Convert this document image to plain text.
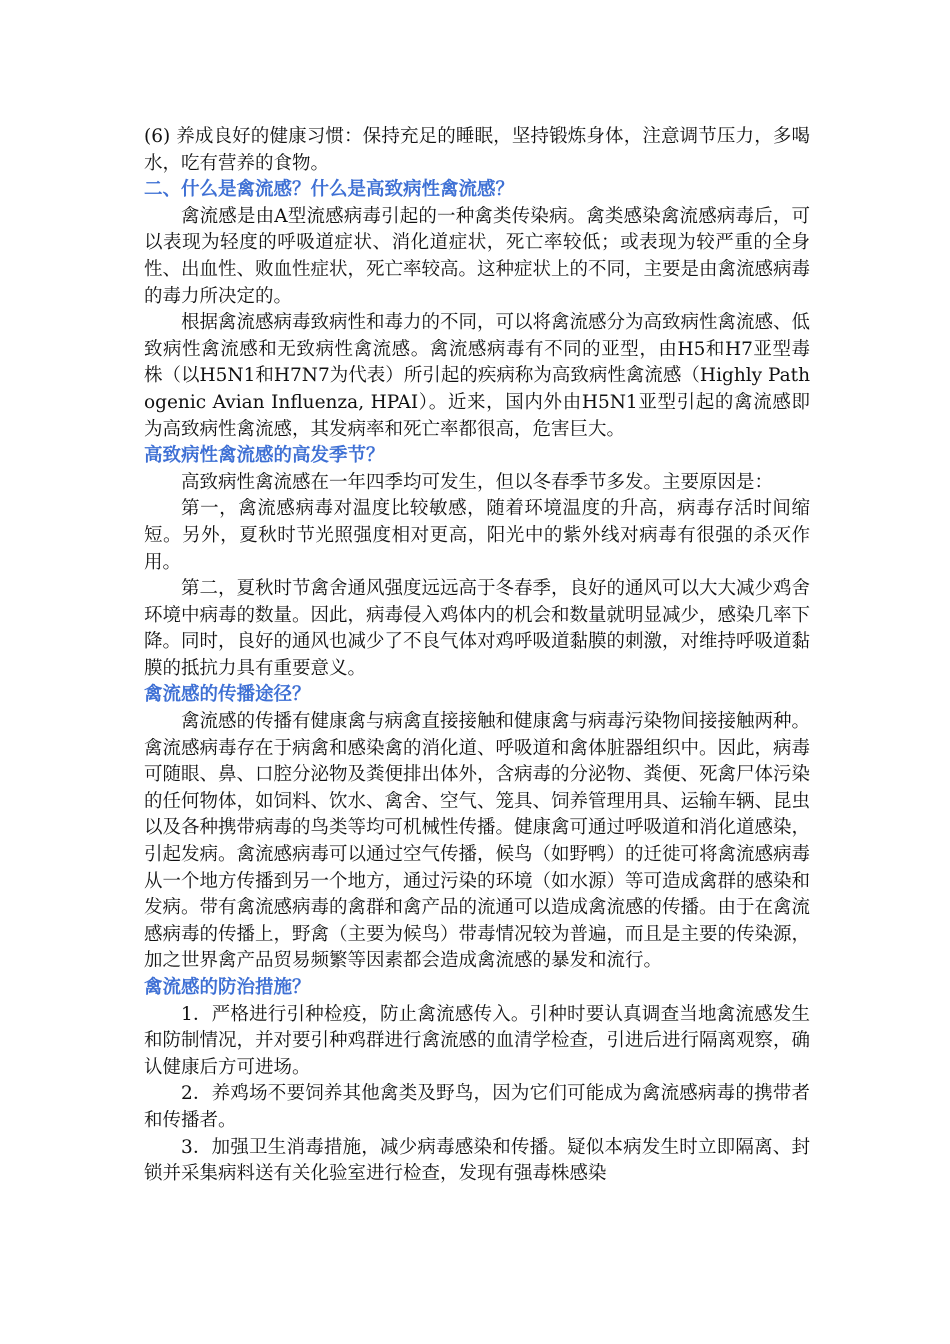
(6) 养成良好的健康习惯：保持充足的睡眠，坚持锻炼身体，注意调节压力，多喝水，吃有营养的食物。

二、什么是禽流感？什么是高致病性禽流感？

禽流感是由A型流感病毒引起的一种禽类传染病。禽类感染禽流感病毒后，可以表现为轻度的呼吸道症状、消化道症状，死亡率较低；或表现为较严重的全身性、出血性、败血性症状，死亡率较高。这种症状上的不同，主要是由禽流感病毒的毒力所决定的。

根据禽流感病毒致病性和毒力的不同，可以将禽流感分为高致病性禽流感、低致病性禽流感和无致病性禽流感。禽流感病毒有不同的亚型，由H5和H7亚型毒株（以H5N1和H7N7为代表）所引起的疾病称为高致病性禽流感（Highly Pathogenic Avian Influenza, HPAI）。近来，国内外由H5N1亚型引起的禽流感即为高致病性禽流感，其发病率和死亡率都很高，危害巨大。

高致病性禽流感的高发季节？

高致病性禽流感在一年四季均可发生，但以冬春季节多发。主要原因是：

第一，禽流感病毒对温度比较敏感，随着环境温度的升高，病毒存活时间缩短。另外，夏秋时节光照强度相对更高，阳光中的紫外线对病毒有很强的杀灭作用。

第二，夏秋时节禽舍通风强度远远高于冬春季，良好的通风可以大大减少鸡舍环境中病毒的数量。因此，病毒侵入鸡体内的机会和数量就明显减少，感染几率下降。同时，良好的通风也减少了不良气体对鸡呼吸道黏膜的刺激，对维持呼吸道黏膜的抵抗力具有重要意义。

禽流感的传播途径？

禽流感的传播有健康禽与病禽直接接触和健康禽与病毒污染物间接接触两种。禽流感病毒存在于病禽和感染禽的消化道、呼吸道和禽体脏器组织中。因此，病毒可随眼、鼻、口腔分泌物及粪便排出体外，含病毒的分泌物、粪便、死禽尸体污染的任何物体，如饲料、饮水、禽舍、空气、笼具、饲养管理用具、运输车辆、昆虫以及各种携带病毒的鸟类等均可机械性传播。健康禽可通过呼吸道和消化道感染，引起发病。禽流感病毒可以通过空气传播，候鸟（如野鸭）的迁徙可将禽流感病毒从一个地方传播到另一个地方，通过污染的环境（如水源）等可造成禽群的感染和发病。带有禽流感病毒的禽群和禽产品的流通可以造成禽流感的传播。由于在禽流感病毒的传播上，野禽（主要为候鸟）带毒情况较为普遍，而且是主要的传染源，加之世界禽产品贸易频繁等因素都会造成禽流感的暴发和流行。

禽流感的防治措施？

1．严格进行引种检疫，防止禽流感传入。引种时要认真调查当地禽流感发生和防制情况，并对要引种鸡群进行禽流感的血清学检查，引进后进行隔离观察，确认健康后方可进场。

2．养鸡场不要饲养其他禽类及野鸟，因为它们可能成为禽流感病毒的携带者和传播者。

3．加强卫生消毒措施，减少病毒感染和传播。疑似本病发生时立即隔离、封锁并采集病料送有关化验室进行检查，发现有强毒株感染
